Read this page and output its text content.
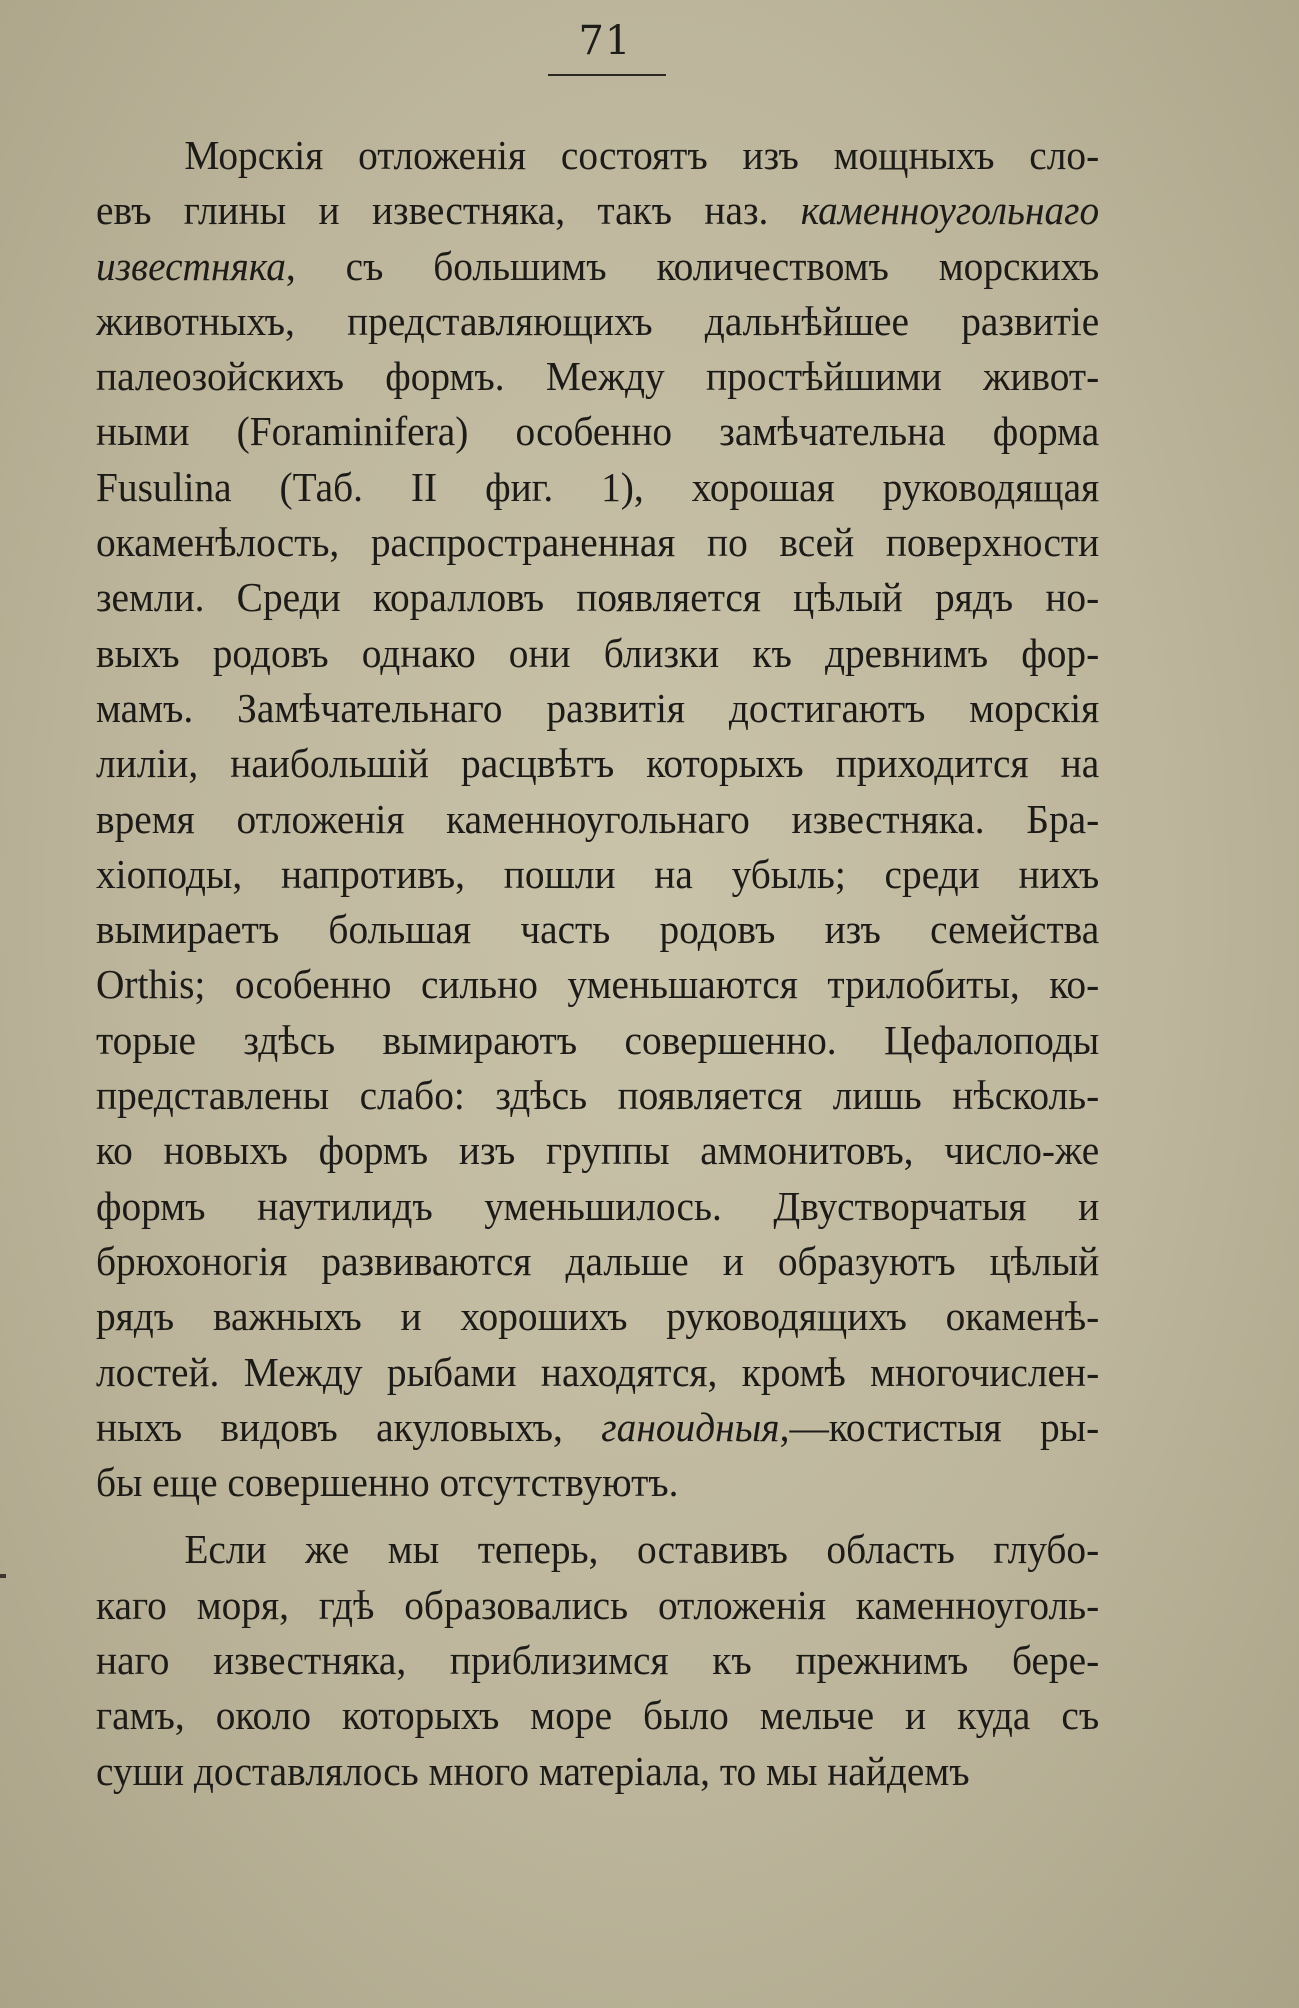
71
Морскія отложенія состоятъ изъ мощныхъ сло-
евъ глины и известняка, такъ наз. каменноугольнаго
известняка, съ большимъ количествомъ морскихъ
животныхъ, представляющихъ дальнѣйшее развитіе
палеозойскихъ формъ. Между простѣйшими живот-
ными (Foraminifera) особенно замѣчательна форма
Fusulina (Таб. II фиг. 1), хорошая руководящая
окаменѣлость, распространенная по всей поверхности
земли. Среди коралловъ появляется цѣлый рядъ но-
выхъ родовъ однако они близки къ древнимъ фор-
мамъ. Замѣчательнаго развитія достигаютъ морскія
лиліи, наибольшій расцвѣтъ которыхъ приходится на
время отложенія каменноугольнаго известняка. Бра-
хіоподы, напротивъ, пошли на убыль; среди нихъ
вымираетъ большая часть родовъ изъ семейства
Orthis; особенно сильно уменьшаются трилобиты, ко-
торые здѣсь вымираютъ совершенно. Цефалоподы
представлены слабо: здѣсь появляется лишь нѣсколь-
ко новыхъ формъ изъ группы аммонитовъ, число-же
формъ наутилидъ уменьшилось. Двустворчатыя и
брюхоногія развиваются дальше и образуютъ цѣлый
рядъ важныхъ и хорошихъ руководящихъ окаменѣ-
лостей. Между рыбами находятся, кромѣ многочислен-
ныхъ видовъ акуловыхъ, ганоидныя,—костистыя ры-
бы еще совершенно отсутствуютъ.
Если же мы теперь, оставивъ область глубо-
каго моря, гдѣ образовались отложенія каменноуголь-
наго известняка, приблизимся къ прежнимъ бере-
гамъ, около которыхъ море было мельче и куда съ
суши доставлялось много матеріала, то мы найдемъ
